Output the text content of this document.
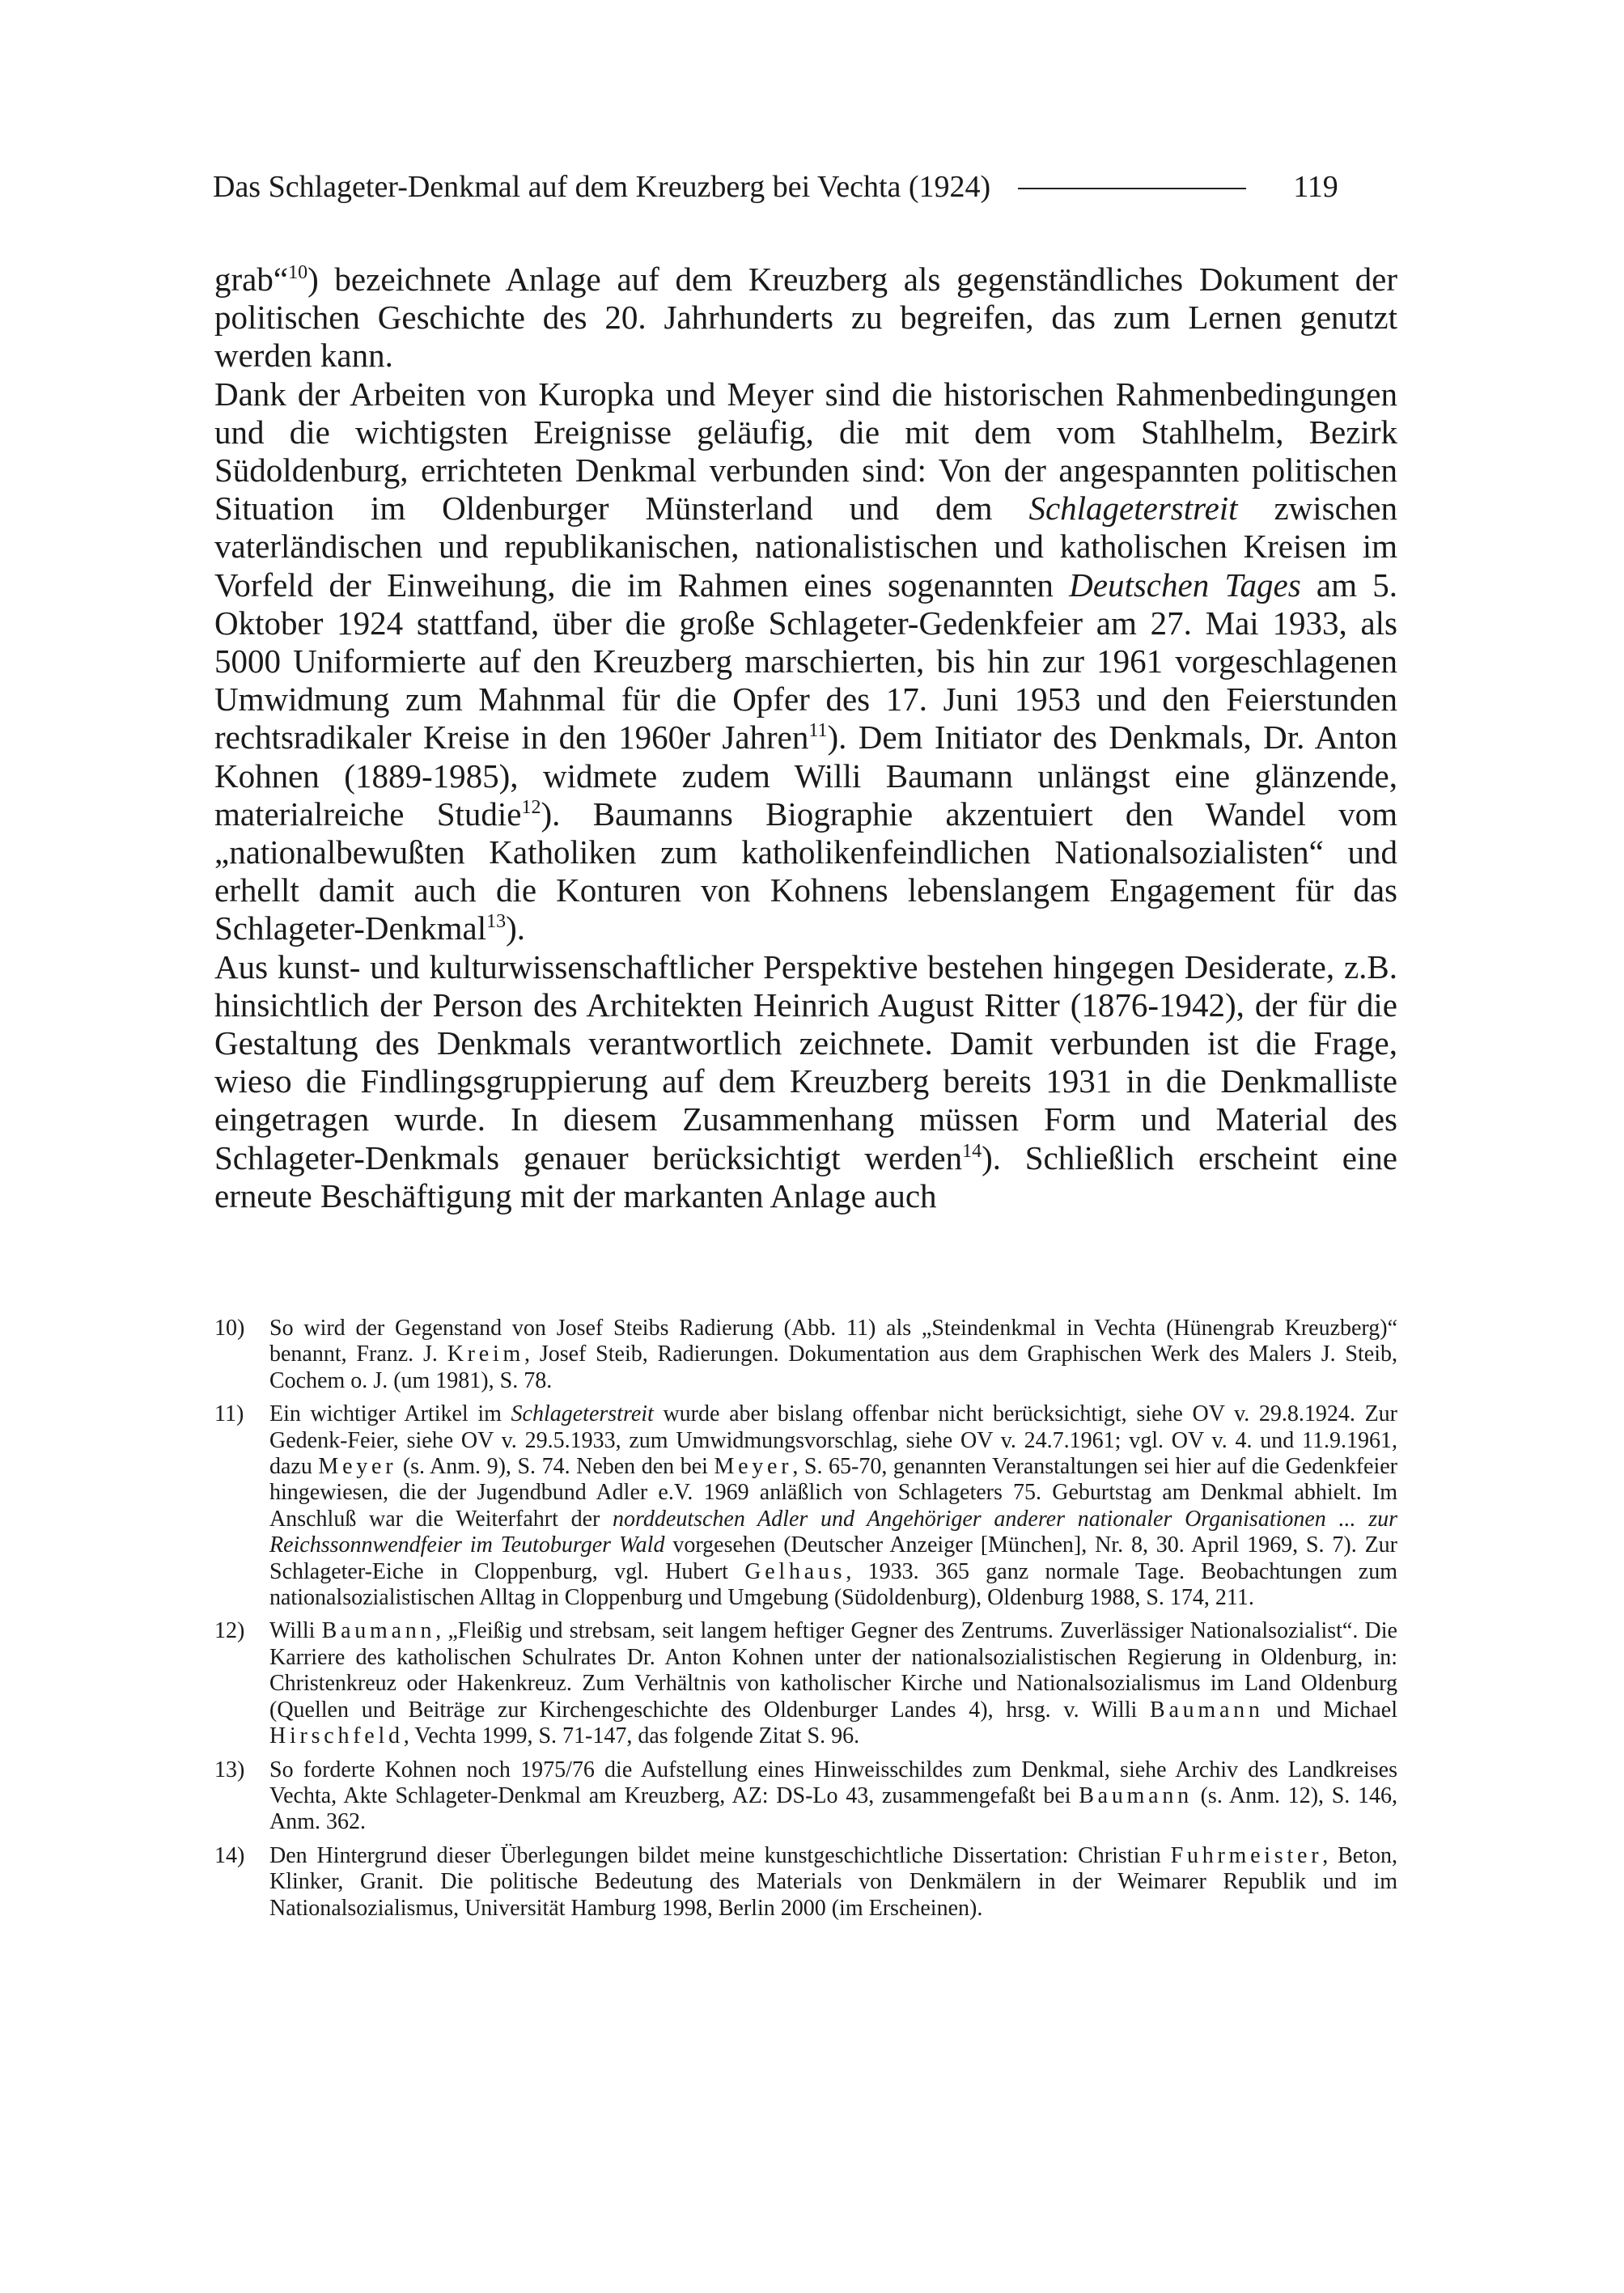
Das Schlageter-Denkmal auf dem Kreuzberg bei Vechta (1924)	119

grab“$^{10}$) bezeichnete Anlage auf dem Kreuzberg als gegenständliches Dokument der politischen Geschichte des 20. Jahrhunderts zu begreifen, das zum Lernen genutzt werden kann.

Dank der Arbeiten von Kuropka und Meyer sind die historischen Rahmenbedingungen und die wichtigsten Ereignisse geläufig, die mit dem vom Stahlhelm, Bezirk Südoldenburg, errichteten Denkmal verbunden sind: Von der angespannten politischen Situation im Oldenburger Münsterland und dem Schlageterstreit zwischen vaterländischen und republikanischen, nationalistischen und katholischen Kreisen im Vorfeld der Einweihung, die im Rahmen eines sogenannten Deutschen Tages am 5. Oktober 1924 stattfand, über die große Schlageter-Gedenkfeier am 27. Mai 1933, als 5000 Uniformierte auf den Kreuzberg marschierten, bis hin zur 1961 vorgeschlagenen Umwidmung zum Mahnmal für die Opfer des 17. Juni 1953 und den Feierstunden rechtsradikaler Kreise in den 1960er Jahren$^{11}$). Dem Initiator des Denkmals, Dr. Anton Kohnen (1889-1985), widmete zudem Willi Baumann unlängst eine glänzende, materialreiche Studie$^{12}$). Baumanns Biographie akzentuiert den Wandel vom „nationalbewußten Katholiken zum katholikenfeindlichen Nationalsozialisten“ und erhellt damit auch die Konturen von Kohnens lebenslangem Engagement für das Schlageter-Denkmal$^{13}$).

Aus kunst- und kulturwissenschaftlicher Perspektive bestehen hingegen Desiderate, z.B. hinsichtlich der Person des Architekten Heinrich August Ritter (1876-1942), der für die Gestaltung des Denkmals verantwortlich zeichnete. Damit verbunden ist die Frage, wieso die Findlingsgruppierung auf dem Kreuzberg bereits 1931 in die Denkmalliste eingetragen wurde. In diesem Zusammenhang müssen Form und Material des Schlageter-Denkmals genauer berücksichtigt werden$^{14}$). Schließlich erscheint eine erneute Beschäftigung mit der markanten Anlage auch

10)	So wird der Gegenstand von Josef Steibs Radierung (Abb. 11) als „Steindenkmal in Vechta (Hünengrab Kreuzberg)“ benannt, Franz. J. Kreim, Josef Steib, Radierungen. Dokumentation aus dem Graphischen Werk des Malers J. Steib, Cochem o. J. (um 1981), S. 78.
11)	Ein wichtiger Artikel im Schlageterstreit wurde aber bislang offenbar nicht berücksichtigt, siehe OV v. 29.8.1924. Zur Gedenk-Feier, siehe OV v. 29.5.1933, zum Umwidmungsvorschlag, siehe OV v. 24.7.1961; vgl. OV v. 4. und 11.9.1961, dazu Meyer (s. Anm. 9), S. 74. Neben den bei Meyer, S. 65-70, genannten Veranstaltungen sei hier auf die Gedenkfeier hingewiesen, die der Jugendbund Adler e.V. 1969 anläßlich von Schlageters 75. Geburtstag am Denkmal abhielt. Im Anschluß war die Weiterfahrt der norddeutschen Adler und Angehöriger anderer nationaler Organisationen ... zur Reichssonnwendfeier im Teutoburger Wald vorgesehen (Deutscher Anzeiger [München], Nr. 8, 30. April 1969, S. 7). Zur Schlageter-Eiche in Cloppenburg, vgl. Hubert Gelhaus, 1933. 365 ganz normale Tage. Beobachtungen zum nationalsozialistischen Alltag in Cloppenburg und Umgebung (Südoldenburg), Oldenburg 1988, S. 174, 211.
12)	Willi Baumann, „Fleißig und strebsam, seit langem heftiger Gegner des Zentrums. Zuverlässiger Nationalsozialist“. Die Karriere des katholischen Schulrates Dr. Anton Kohnen unter der nationalsozialistischen Regierung in Oldenburg, in: Christenkreuz oder Hakenkreuz. Zum Verhältnis von katholischer Kirche und Nationalsozialismus im Land Oldenburg (Quellen und Beiträge zur Kirchengeschichte des Oldenburger Landes 4), hrsg. v. Willi Baumann und Michael Hirschfeld, Vechta 1999, S. 71-147, das folgende Zitat S. 96.
13)	So forderte Kohnen noch 1975/76 die Aufstellung eines Hinweisschildes zum Denkmal, siehe Archiv des Landkreises Vechta, Akte Schlageter-Denkmal am Kreuzberg, AZ: DS-Lo 43, zusammengefaßt bei Baumann (s. Anm. 12), S. 146, Anm. 362.
14)	Den Hintergrund dieser Überlegungen bildet meine kunstgeschichtliche Dissertation: Christian Fuhrmeister, Beton, Klinker, Granit. Die politische Bedeutung des Materials von Denkmälern in der Weimarer Republik und im Nationalsozialismus, Universität Hamburg 1998, Berlin 2000 (im Erscheinen).
